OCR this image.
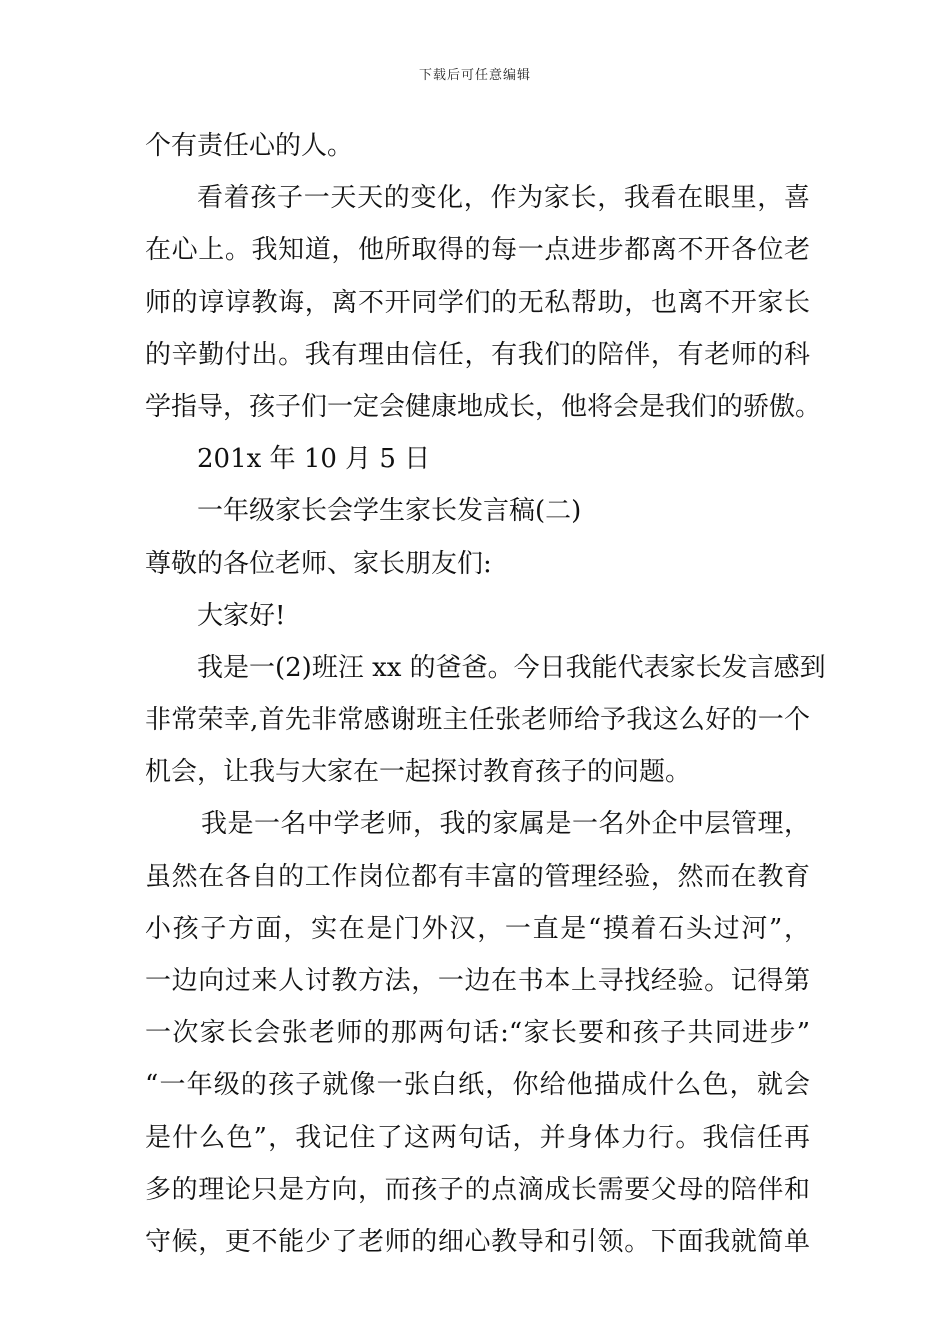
下载后可任意编辑
个有责任心的人。
看着孩子一天天的变化，作为家长，我看在眼里，喜
在心上。我知道，他所取得的每一点进步都离不开各位老
师的谆谆教诲，离不开同学们的无私帮助，也离不开家长
的辛勤付出。我有理由信任，有我们的陪伴，有老师的科
学指导，孩子们一定会健康地成长，他将会是我们的骄傲。
201x 年 10 月 5 日
一年级家长会学生家长发言稿(二)
尊敬的各位老师、家长朋友们:
大家好!
我是一(2)班汪 xx 的爸爸。今日我能代表家长发言感到
非常荣幸,首先非常感谢班主任张老师给予我这么好的一个
机会，让我与大家在一起探讨教育孩子的问题。
我是一名中学老师，我的家属是一名外企中层管理，
虽然在各自的工作岗位都有丰富的管理经验，然而在教育
小孩子方面，实在是门外汉，一直是“摸着石头过河”，
一边向过来人讨教方法，一边在书本上寻找经验。记得第
一次家长会张老师的那两句话:“家长要和孩子共同进步”
“一年级的孩子就像一张白纸，你给他描成什么色，就会
是什么色”，我记住了这两句话，并身体力行。我信任再
多的理论只是方向，而孩子的点滴成长需要父母的陪伴和
守候，更不能少了老师的细心教导和引领。下面我就简单
